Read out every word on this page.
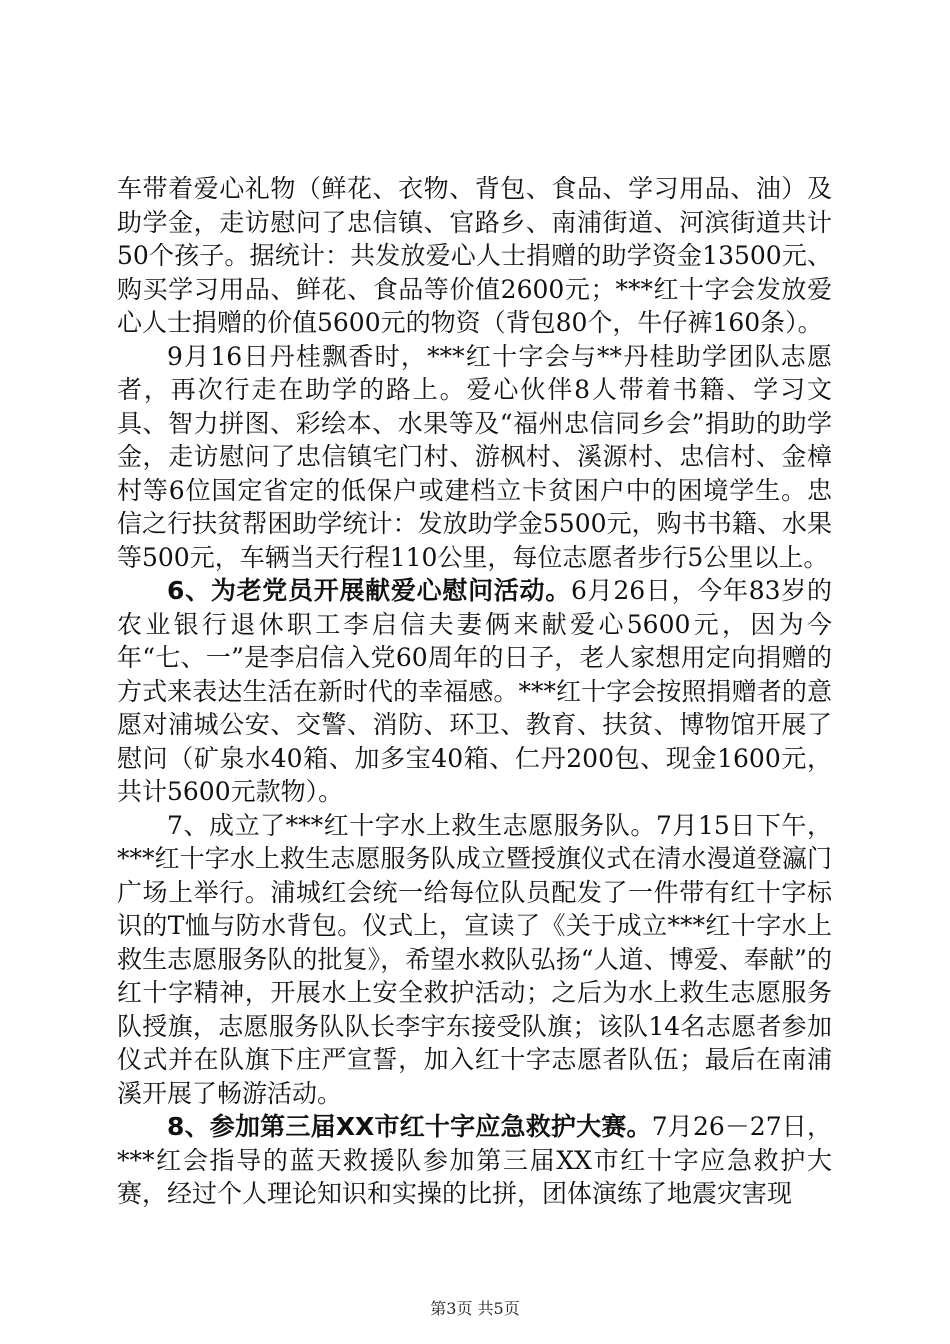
车带着爱心礼物（鲜花、衣物、背包、食品、学习用品、油）及助学金，走访慰问了忠信镇、官路乡、南浦街道、河滨街道共计50个孩子。据统计：共发放爱心人士捐赠的助学资金13500元、购买学习用品、鲜花、食品等价值2600元；***红十字会发放爱心人士捐赠的价值5600元的物资（背包80个，牛仔裤160条）。

9月16日丹桂飘香时，***红十字会与**丹桂助学团队志愿者，再次行走在助学的路上。爱心伙伴8人带着书籍、学习文具、智力拼图、彩绘本、水果等及“福州忠信同乡会”捐助的助学金，走访慰问了忠信镇宅门村、游枫村、溪源村、忠信村、金樟村等6位国定省定的低保户或建档立卡贫困户中的困境学生。忠信之行扶贫帮困助学统计：发放助学金5500元，购书书籍、水果等500元，车辆当天行程110公里，每位志愿者步行5公里以上。

6、为老党员开展献爱心慰问活动。6月26日，今年83岁的农业银行退休职工李启信夫妻俩来献爱心5600元，因为今年“七、一”是李启信入党60周年的日子，老人家想用定向捐赠的方式来表达生活在新时代的幸福感。***红十字会按照捐赠者的意愿对浦城公安、交警、消防、环卫、教育、扶贫、博物馆开展了慰问（矿泉水40箱、加多宝40箱、仁丹200包、现金1600元，共计5600元款物）。

7、成立了***红十字水上救生志愿服务队。7月15日下午，***红十字水上救生志愿服务队成立暨授旗仪式在清水漫道登瀛门广场上举行。浦城红会统一给每位队员配发了一件带有红十字标识的T恤与防水背包。仪式上，宣读了《关于成立***红十字水上救生志愿服务队的批复》，希望水救队弘扬“人道、博爱、奉献”的红十字精神，开展水上安全救护活动；之后为水上救生志愿服务队授旗，志愿服务队队长李宇东接受队旗；该队14名志愿者参加仪式并在队旗下庄严宣誓，加入红十字志愿者队伍；最后在南浦溪开展了畅游活动。

8、参加第三届XX市红十字应急救护大赛。7月26－27日，***红会指导的蓝天救援队参加第三届XX市红十字应急救护大赛，经过个人理论知识和实操的比拼，团体演练了地震灾害现

第3页 共5页
